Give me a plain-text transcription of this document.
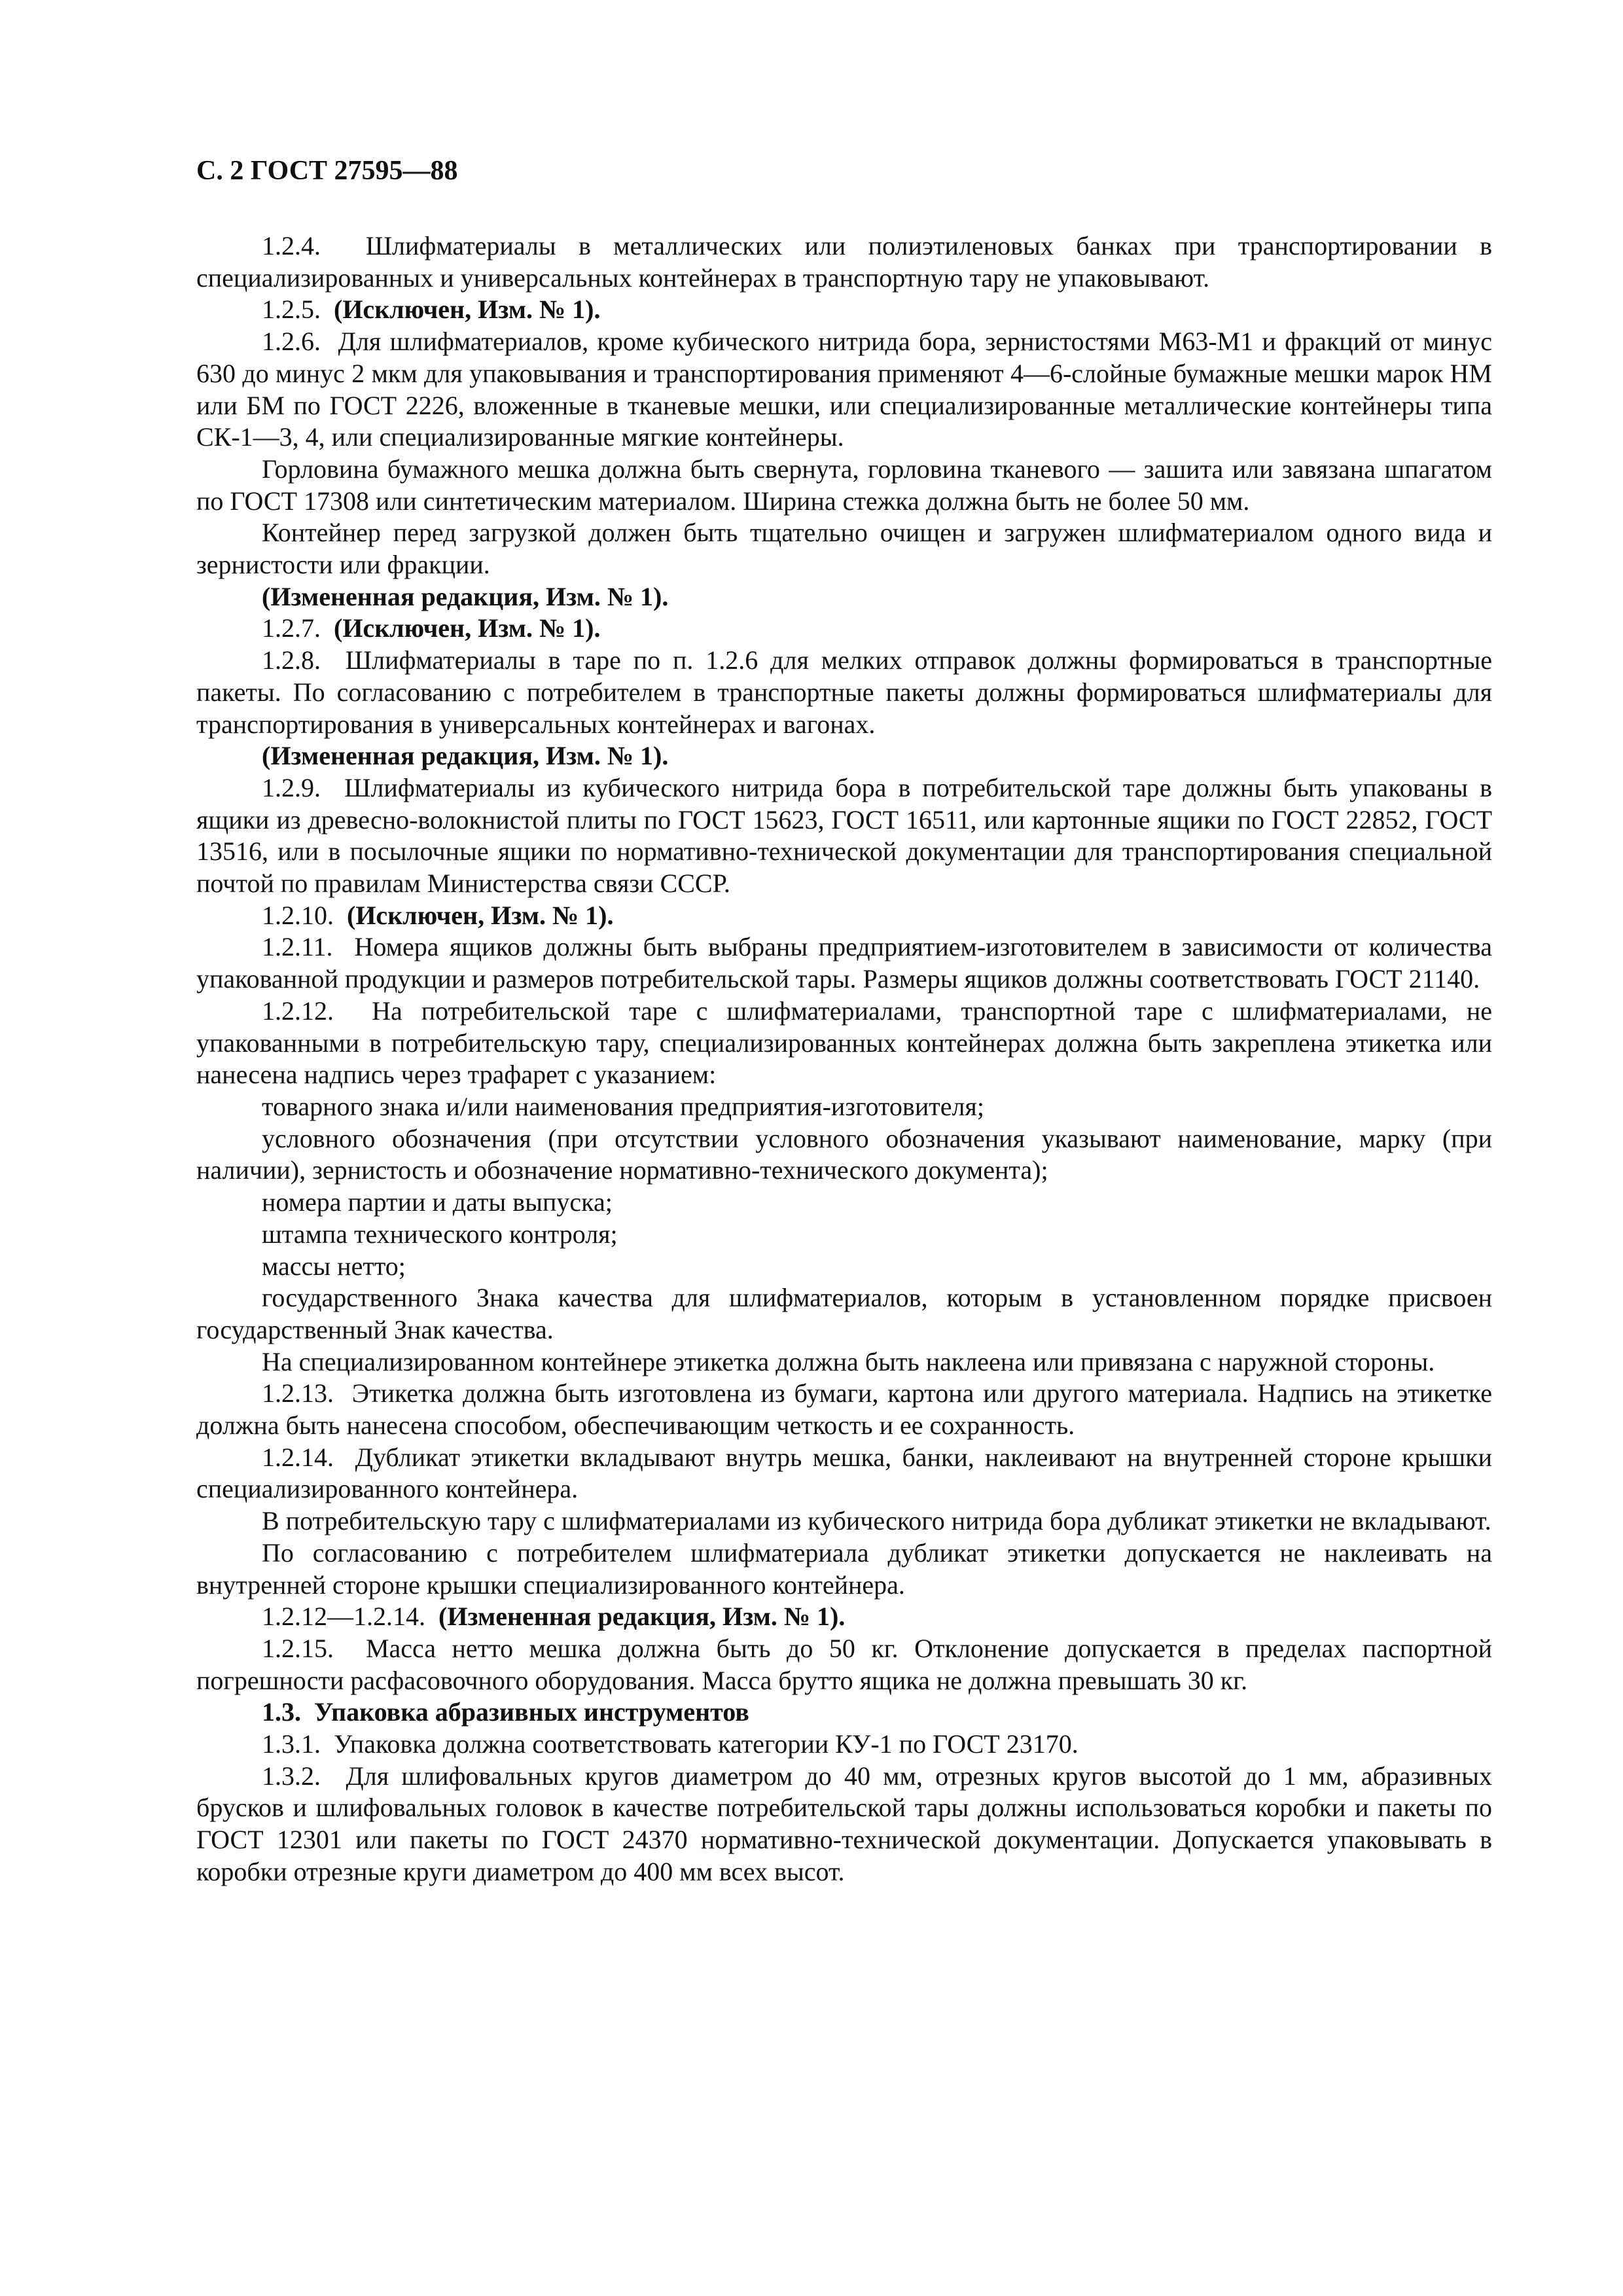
С. 2 ГОСТ 27595—88

1.2.4. Шлифматериалы в металлических или полиэтиленовых банках при транспортировании в специализированных и универсальных контейнерах в транспортную тару не упаковывают.

1.2.5. (Исключен, Изм. № 1).

1.2.6. Для шлифматериалов, кроме кубического нитрида бора, зернистостями М63-М1 и фракций от минус 630 до минус 2 мкм для упаковывания и транспортирования применяют 4—6-слойные бумажные мешки марок НМ или БМ по ГОСТ 2226, вложенные в тканевые мешки, или специализированные металлические контейнеры типа СК-1—3, 4, или специализированные мягкие контейнеры.

Горловина бумажного мешка должна быть свернута, горловина тканевого — зашита или завязана шпагатом по ГОСТ 17308 или синтетическим материалом. Ширина стежка должна быть не более 50 мм.

Контейнер перед загрузкой должен быть тщательно очищен и загружен шлифматериалом одного вида и зернистости или фракции.

(Измененная редакция, Изм. № 1).

1.2.7. (Исключен, Изм. № 1).

1.2.8. Шлифматериалы в таре по п. 1.2.6 для мелких отправок должны формироваться в транспортные пакеты. По согласованию с потребителем в транспортные пакеты должны формироваться шлифматериалы для транспортирования в универсальных контейнерах и вагонах.

(Измененная редакция, Изм. № 1).

1.2.9. Шлифматериалы из кубического нитрида бора в потребительской таре должны быть упакованы в ящики из древесно-волокнистой плиты по ГОСТ 15623, ГОСТ 16511, или картонные ящики по ГОСТ 22852, ГОСТ 13516, или в посылочные ящики по нормативно-технической документации для транспортирования специальной почтой по правилам Министерства связи СССР.

1.2.10. (Исключен, Изм. № 1).

1.2.11. Номера ящиков должны быть выбраны предприятием-изготовителем в зависимости от количества упакованной продукции и размеров потребительской тары. Размеры ящиков должны соответствовать ГОСТ 21140.

1.2.12. На потребительской таре с шлифматериалами, транспортной таре с шлифматериалами, не упакованными в потребительскую тару, специализированных контейнерах должна быть закреплена этикетка или нанесена надпись через трафарет с указанием:

товарного знака и/или наименования предприятия-изготовителя;

условного обозначения (при отсутствии условного обозначения указывают наименование, марку (при наличии), зернистость и обозначение нормативно-технического документа);

номера партии и даты выпуска;

штампа технического контроля;

массы нетто;

государственного Знака качества для шлифматериалов, которым в установленном порядке присвоен государственный Знак качества.

На специализированном контейнере этикетка должна быть наклеена или привязана с наружной стороны.

1.2.13. Этикетка должна быть изготовлена из бумаги, картона или другого материала. Надпись на этикетке должна быть нанесена способом, обеспечивающим четкость и ее сохранность.

1.2.14. Дубликат этикетки вкладывают внутрь мешка, банки, наклеивают на внутренней стороне крышки специализированного контейнера.

В потребительскую тару с шлифматериалами из кубического нитрида бора дубликат этикетки не вкладывают.

По согласованию с потребителем шлифматериала дубликат этикетки допускается не наклеивать на внутренней стороне крышки специализированного контейнера.

1.2.12—1.2.14. (Измененная редакция, Изм. № 1).

1.2.15. Масса нетто мешка должна быть до 50 кг. Отклонение допускается в пределах паспортной погрешности расфасовочного оборудования. Масса брутто ящика не должна превышать 30 кг.

1.3. Упаковка абразивных инструментов

1.3.1. Упаковка должна соответствовать категории КУ-1 по ГОСТ 23170.

1.3.2. Для шлифовальных кругов диаметром до 40 мм, отрезных кругов высотой до 1 мм, абразивных брусков и шлифовальных головок в качестве потребительской тары должны использоваться коробки и пакеты по ГОСТ 12301 или пакеты по ГОСТ 24370 нормативно-технической документации. Допускается упаковывать в коробки отрезные круги диаметром до 400 мм всех высот.
